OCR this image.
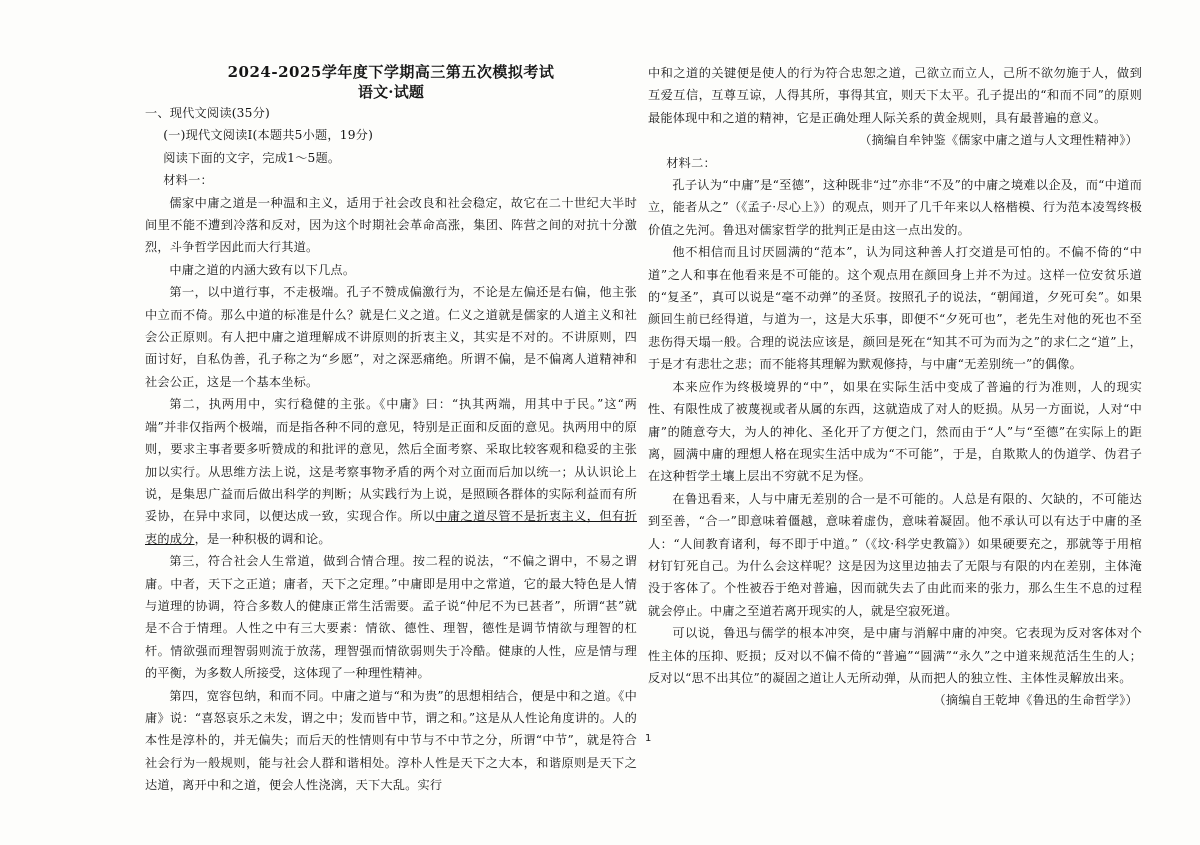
2024-2025学年度下学期高三第五次模拟考试
语文·试题

一、现代文阅读(35分)

(一)现代文阅读Ⅰ(本题共5小题，19分)

阅读下面的文字，完成1～5题。

材料一：

儒家中庸之道是一种温和主义，适用于社会改良和社会稳定，故它在二十世纪大半时间里不能不遭到冷落和反对，因为这个时期社会革命高涨，集团、阵营之间的对抗十分激烈，斗争哲学因此而大行其道。

中庸之道的内涵大致有以下几点。

第一，以中道行事，不走极端。孔子不赞成偏激行为，不论是左偏还是右偏，他主张中立而不倚。那么中道的标准是什么？就是仁义之道。仁义之道就是儒家的人道主义和社会公正原则。有人把中庸之道理解成不讲原则的折衷主义，其实是不对的。不讲原则，四面讨好，自私伪善，孔子称之为“乡愿”，对之深恶痛绝。所谓不偏，是不偏离人道精神和社会公正，这是一个基本坐标。

第二，执两用中，实行稳健的主张。《中庸》曰：“执其两端，用其中于民。”这“两端”并非仅指两个极端，而是指各种不同的意见，特别是正面和反面的意见。执两用中的原则，要求主事者要多听赞成的和批评的意见，然后全面考察、采取比较客观和稳妥的主张加以实行。从思维方法上说，这是考察事物矛盾的两个对立面而后加以统一；从认识论上说，是集思广益而后做出科学的判断；从实践行为上说，是照顾各群体的实际利益而有所妥协，在异中求同，以便达成一致，实现合作。所以中庸之道尽管不是折衷主义，但有折衷的成分，是一种积极的调和论。

第三，符合社会人生常道，做到合情合理。按二程的说法，“不偏之谓中，不易之谓庸。中者，天下之正道；庸者，天下之定理。”中庸即是用中之常道，它的最大特色是人情与道理的协调，符合多数人的健康正常生活需要。孟子说“仲尼不为已甚者”，所谓“甚”就是不合于情理。人性之中有三大要素：情欲、德性、理智，德性是调节情欲与理智的杠杆。情欲强而理智弱则流于放荡，理智强而情欲弱则失于冷酷。健康的人性，应是情与理的平衡，为多数人所接受，这体现了一种理性精神。

第四，宽容包纳，和而不同。中庸之道与“和为贵”的思想相结合，便是中和之道。《中庸》说：“喜怒哀乐之未发，谓之中；发而皆中节，谓之和。”这是从人性论角度讲的。人的本性是淳朴的，并无偏失；而后天的性情则有中节与不中节之分，所谓“中节”，就是符合社会行为一般规则，能与社会人群和谐相处。淳朴人性是天下之大本，和谐原则是天下之达道，离开中和之道，便会人性浇漓，天下大乱。实行

中和之道的关键便是使人的行为符合忠恕之道，己欲立而立人，己所不欲勿施于人，做到互爱互信，互尊互谅，人得其所，事得其宜，则天下太平。孔子提出的“和而不同”的原则最能体现中和之道的精神，它是正确处理人际关系的黄金规则，具有最普遍的意义。

（摘编自牟钟鉴《儒家中庸之道与人文理性精神》）

材料二：

孔子认为“中庸”是“至德”，这种既非“过”亦非“不及”的中庸之境难以企及，而“中道而立，能者从之”（《孟子·尽心上》）的观点，则开了几千年来以人格楷模、行为范本凌驾终极价值之先河。鲁迅对儒家哲学的批判正是由这一点出发的。

他不相信而且讨厌圆满的“范本”，认为同这种善人打交道是可怕的。不偏不倚的“中道”之人和事在他看来是不可能的。这个观点用在颜回身上并不为过。这样一位安贫乐道的“复圣”，真可以说是“毫不动弹”的圣贤。按照孔子的说法，“朝闻道，夕死可矣”。如果颜回生前已经得道，与道为一，这是大乐事，即便不“夕死可也”，老先生对他的死也不至悲伤得天塌一般。合理的说法应该是，颜回是死在“知其不可为而为之”的求仁之“道”上，于是才有悲壮之悲；而不能将其理解为默观修持，与中庸“无差别统一”的偶像。

本来应作为终极境界的“中”，如果在实际生活中变成了普遍的行为准则，人的现实性、有限性成了被蔑视或者从属的东西，这就造成了对人的贬损。从另一方面说，人对“中庸”的随意夸大，为人的神化、圣化开了方便之门，然而由于“人”与“至德”在实际上的距离，圆满中庸的理想人格在现实生活中成为“不可能”，于是，自欺欺人的伪道学、伪君子在这种哲学土壤上层出不穷就不足为怪。

在鲁迅看来，人与中庸无差别的合一是不可能的。人总是有限的、欠缺的，不可能达到至善，“合一”即意味着僵越，意味着虚伪，意味着凝固。他不承认可以有达于中庸的圣人：“人间教育诸利，每不即于中道。”（《坟·科学史教篇》）如果硬要充之，那就等于用棺材钉钉死自己。为什么会这样呢？这是因为这里边抽去了无限与有限的内在差别，主体淹没于客体了。个性被吞于绝对普遍，因而就失去了由此而来的张力，那么生生不息的过程就会停止。中庸之至道若离开现实的人，就是空寂死道。

可以说，鲁迅与儒学的根本冲突，是中庸与消解中庸的冲突。它表现为反对客体对个性主体的压抑、贬损；反对以不偏不倚的“普遍”“圆满”“永久”之中道来规范活生生的人；反对以“思不出其位”的凝固之道让人无所动弹，从而把人的独立性、主体性灵解放出来。

（摘编自王乾坤《鲁迅的生命哲学》）

1
